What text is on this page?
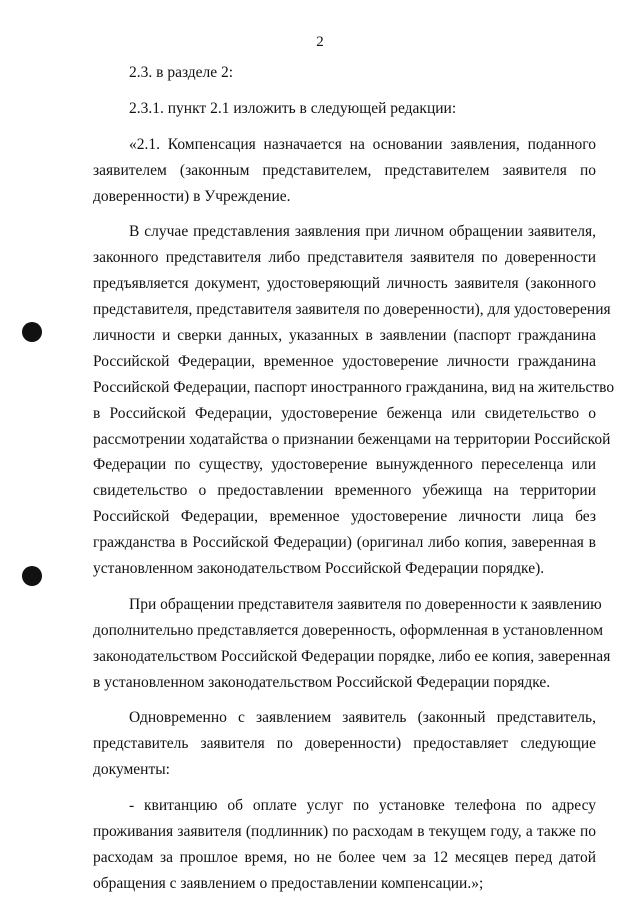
2
2.3. в разделе 2:
2.3.1. пункт 2.1 изложить в следующей редакции:
«2.1. Компенсация назначается на основании заявления, поданного
заявителем (законным представителем, представителем заявителя по
доверенности) в Учреждение.
В случае представления заявления при личном обращении заявителя,
законного представителя либо представителя заявителя по доверенности
предъявляется документ, удостоверяющий личность заявителя (законного
представителя, представителя заявителя по доверенности), для удостоверения
личности и сверки данных, указанных в заявлении (паспорт гражданина
Российской Федерации, временное удостоверение личности гражданина
Российской Федерации, паспорт иностранного гражданина, вид на жительство
в Российской Федерации, удостоверение беженца или свидетельство о
рассмотрении ходатайства о признании беженцами на территории Российской
Федерации по существу, удостоверение вынужденного переселенца или
свидетельство о предоставлении временного убежища на территории
Российской Федерации, временное удостоверение личности лица без
гражданства в Российской Федерации) (оригинал либо копия, заверенная в
установленном законодательством Российской Федерации порядке).
При обращении представителя заявителя по доверенности к заявлению
дополнительно представляется доверенность, оформленная в установленном
законодательством Российской Федерации порядке, либо ее копия, заверенная
в установленном законодательством Российской Федерации порядке.
Одновременно с заявлением заявитель (законный представитель,
представитель заявителя по доверенности) предоставляет следующие
документы:
- квитанцию об оплате услуг по установке телефона по адресу
проживания заявителя (подлинник) по расходам в текущем году, а также по
расходам за прошлое время, но не более чем за 12 месяцев перед датой
обращения с заявлением о предоставлении компенсации.»;
